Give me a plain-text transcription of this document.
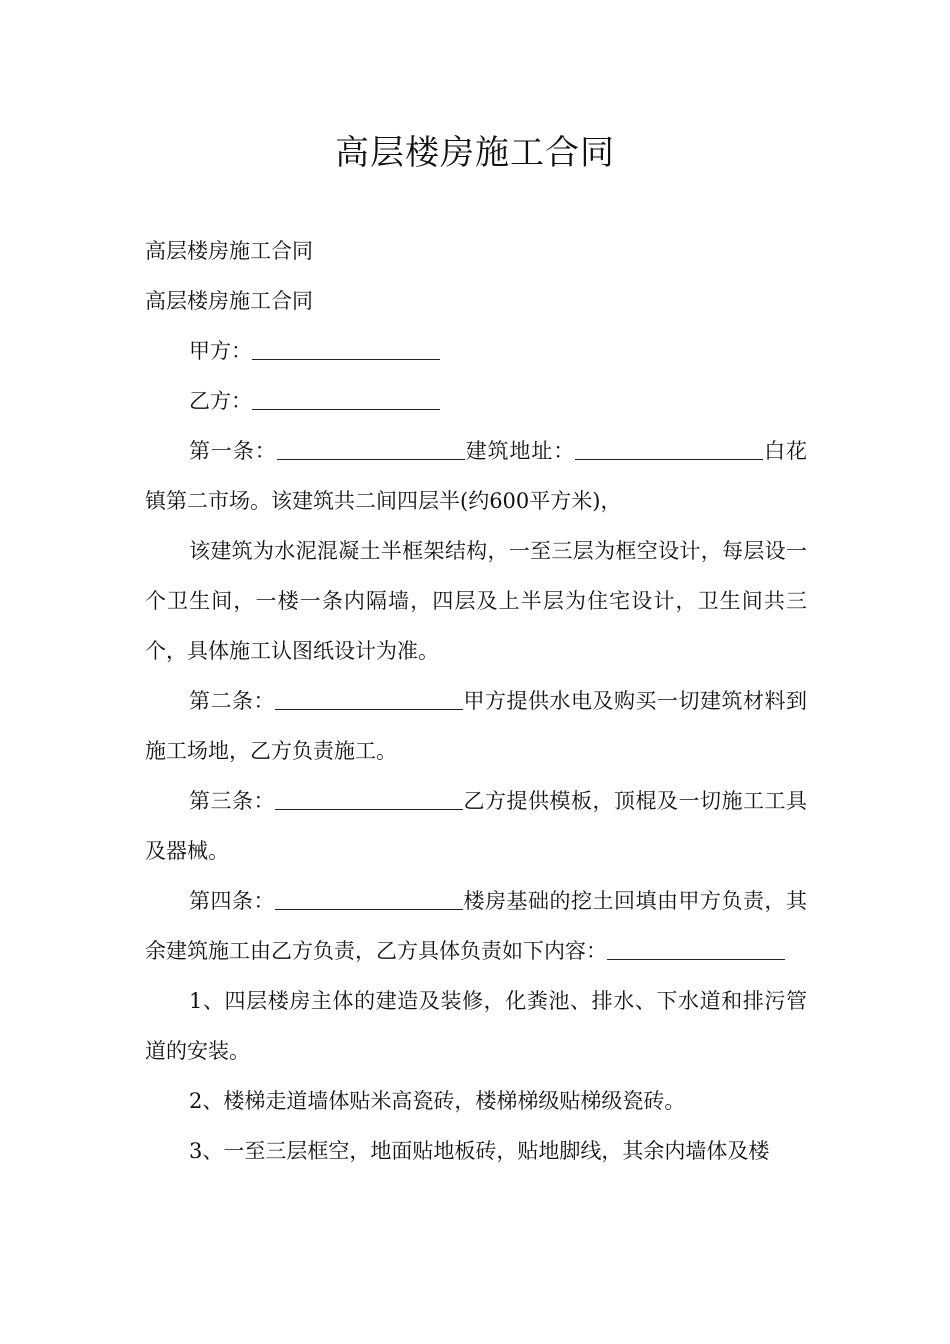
高层楼房施工合同

高层楼房施工合同

高层楼房施工合同

甲方：

乙方：

第一条：	建筑地址：	白花镇第二市场。该建筑共二间四层半(约600平方米)，

该建筑为水泥混凝土半框架结构，一至三层为框空设计，每层设一个卫生间，一楼一条内隔墙，四层及上半层为住宅设计，卫生间共三个，具体施工认图纸设计为准。

第二条：	甲方提供水电及购买一切建筑材料到施工场地，乙方负责施工。

第三条：	乙方提供模板，顶棍及一切施工工具及器械。

第四条：	楼房基础的挖土回填由甲方负责，其余建筑施工由乙方负责，乙方具体负责如下内容：

1、四层楼房主体的建造及装修，化粪池、排水、下水道和排污管道的安装。

2、楼梯走道墙体贴米高瓷砖，楼梯梯级贴梯级瓷砖。

3、一至三层框空，地面贴地板砖，贴地脚线，其余内墙体及楼
